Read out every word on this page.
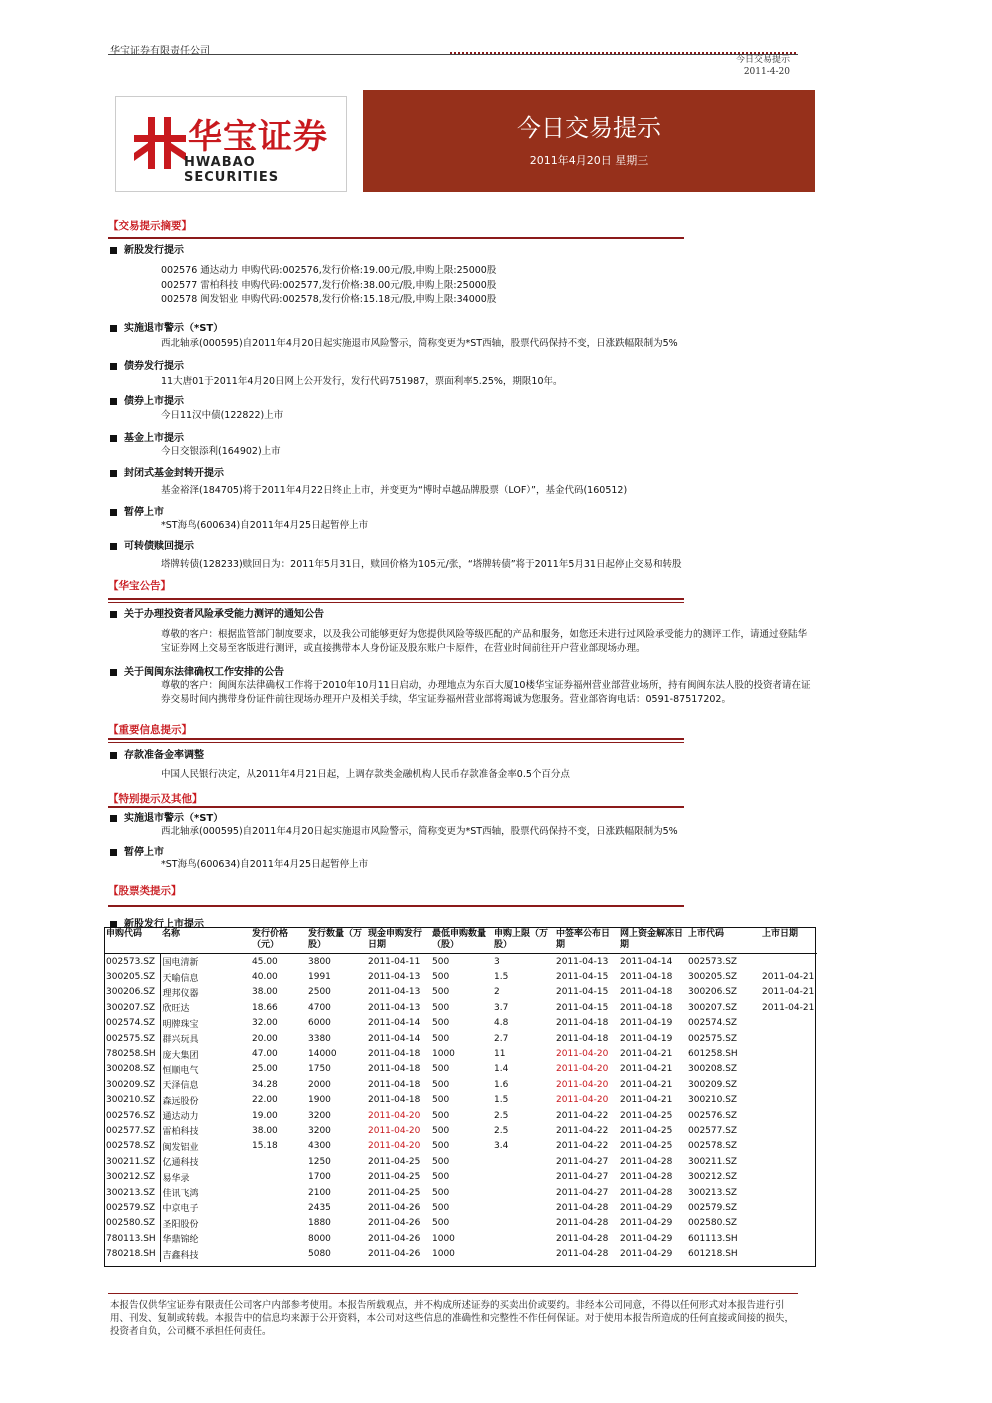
华宝证券有限责任公司
今日交易提示
2011-4-20
华宝证券
HWABAO SECURITIES
今日交易提示
2011年4月20日 星期三
【交易提示摘要】
新股发行提示
002576 通达动力 申购代码:002576,发行价格:19.00元/股,申购上限:25000股
002577 雷柏科技 申购代码:002577,发行价格:38.00元/股,申购上限:25000股
002578 闽发铝业 申购代码:002578,发行价格:15.18元/股,申购上限:34000股
实施退市警示（*ST）
西北轴承(000595)自2011年4月20日起实施退市风险警示，简称变更为*ST西轴，股票代码保持不变，日涨跌幅限制为5%
债券发行提示
11大唐01于2011年4月20日网上公开发行，发行代码751987，票面利率5.25%，期限10年。
债券上市提示
今日11汉中债(122822)上市
基金上市提示
今日交银添利(164902)上市
封闭式基金封转开提示
基金裕泽(184705)将于2011年4月22日终止上市，并变更为“博时卓越品牌股票（LOF）”，基金代码(160512)
暂停上市
*ST海鸟(600634)自2011年4月25日起暂停上市
可转债赎回提示
塔牌转债(128233)赎回日为：2011年5月31日，赎回价格为105元/张，“塔牌转债”将于2011年5月31日起停止交易和转股
【华宝公告】
关于办理投资者风险承受能力测评的通知公告
尊敬的客户：根据监管部门制度要求，以及我公司能够更好为您提供风险等级匹配的产品和服务，如您还未进行过风险承受能力的测评工作，请通过登陆华宝证券网上交易至客版进行测评，或直接携带本人身份证及股东账户卡原件，在营业时间前往开户营业部现场办理。
关于闽闽东法律确权工作安排的公告
尊敬的客户：闽闽东法律确权工作将于2010年10月11日启动，办理地点为东百大厦10楼华宝证券福州营业部营业场所，持有闽闽东法人股的投资者请在证券交易时间内携带身份证件前往现场办理开户及相关手续，华宝证券福州营业部将竭诚为您服务。营业部咨询电话：0591-87517202。
【重要信息提示】
存款准备金率调整
中国人民银行决定，从2011年4月21日起，上调存款类金融机构人民币存款准备金率0.5个百分点
【特别提示及其他】
实施退市警示（*ST）
西北轴承(000595)自2011年4月20日起实施退市风险警示，简称变更为*ST西轴，股票代码保持不变，日涨跌幅限制为5%
暂停上市
*ST海鸟(600634)自2011年4月25日起暂停上市
【股票类提示】
新股发行上市提示
申购代码	名称	发行价格（元）	发行数量（万股）	现金申购发行日期	最低申购数量（股）	申购上限（万股）	中签率公布日期	网上资金解冻日期	上市代码	上市日期
002573.SZ	国电清新	45.00	3800	2011-04-11	500	3	2011-04-13	2011-04-14	002573.SZ	
300205.SZ	天喻信息	40.00	1991	2011-04-13	500	1.5	2011-04-15	2011-04-18	300205.SZ	2011-04-21
300206.SZ	理邦仪器	38.00	2500	2011-04-13	500	2	2011-04-15	2011-04-18	300206.SZ	2011-04-21
300207.SZ	欣旺达	18.66	4700	2011-04-13	500	3.7	2011-04-15	2011-04-18	300207.SZ	2011-04-21
002574.SZ	明牌珠宝	32.00	6000	2011-04-14	500	4.8	2011-04-18	2011-04-19	002574.SZ	
002575.SZ	群兴玩具	20.00	3380	2011-04-14	500	2.7	2011-04-18	2011-04-19	002575.SZ	
780258.SH	庞大集团	47.00	14000	2011-04-18	1000	11	2011-04-20	2011-04-21	601258.SH	
300208.SZ	恒顺电气	25.00	1750	2011-04-18	500	1.4	2011-04-20	2011-04-21	300208.SZ	
300209.SZ	天泽信息	34.28	2000	2011-04-18	500	1.6	2011-04-20	2011-04-21	300209.SZ	
300210.SZ	森远股份	22.00	1900	2011-04-18	500	1.5	2011-04-20	2011-04-21	300210.SZ	
002576.SZ	通达动力	19.00	3200	2011-04-20	500	2.5	2011-04-22	2011-04-25	002576.SZ	
002577.SZ	雷柏科技	38.00	3200	2011-04-20	500	2.5	2011-04-22	2011-04-25	002577.SZ	
002578.SZ	闽发铝业	15.18	4300	2011-04-20	500	3.4	2011-04-22	2011-04-25	002578.SZ	
300211.SZ	亿通科技		1250	2011-04-25	500		2011-04-27	2011-04-28	300211.SZ	
300212.SZ	易华录		1700	2011-04-25	500		2011-04-27	2011-04-28	300212.SZ	
300213.SZ	佳讯飞鸿		2100	2011-04-25	500		2011-04-27	2011-04-28	300213.SZ	
002579.SZ	中京电子		2435	2011-04-26	500		2011-04-28	2011-04-29	002579.SZ	
002580.SZ	圣阳股份		1880	2011-04-26	500		2011-04-28	2011-04-29	002580.SZ	
780113.SH	华鼎锦纶		8000	2011-04-26	1000		2011-04-28	2011-04-29	601113.SH	
780218.SH	吉鑫科技		5080	2011-04-26	1000		2011-04-28	2011-04-29	601218.SH	
本报告仅供华宝证券有限责任公司客户内部参考使用。本报告所载观点，并不构成所述证券的买卖出价或要约。非经本公司同意，不得以任何形式对本报告进行引用、刊发、复制或转载。本报告中的信息均来源于公开资料，本公司对这些信息的准确性和完整性不作任何保证。对于使用本报告所造成的任何直接或间接的损失，投资者自负，公司概不承担任何责任。
